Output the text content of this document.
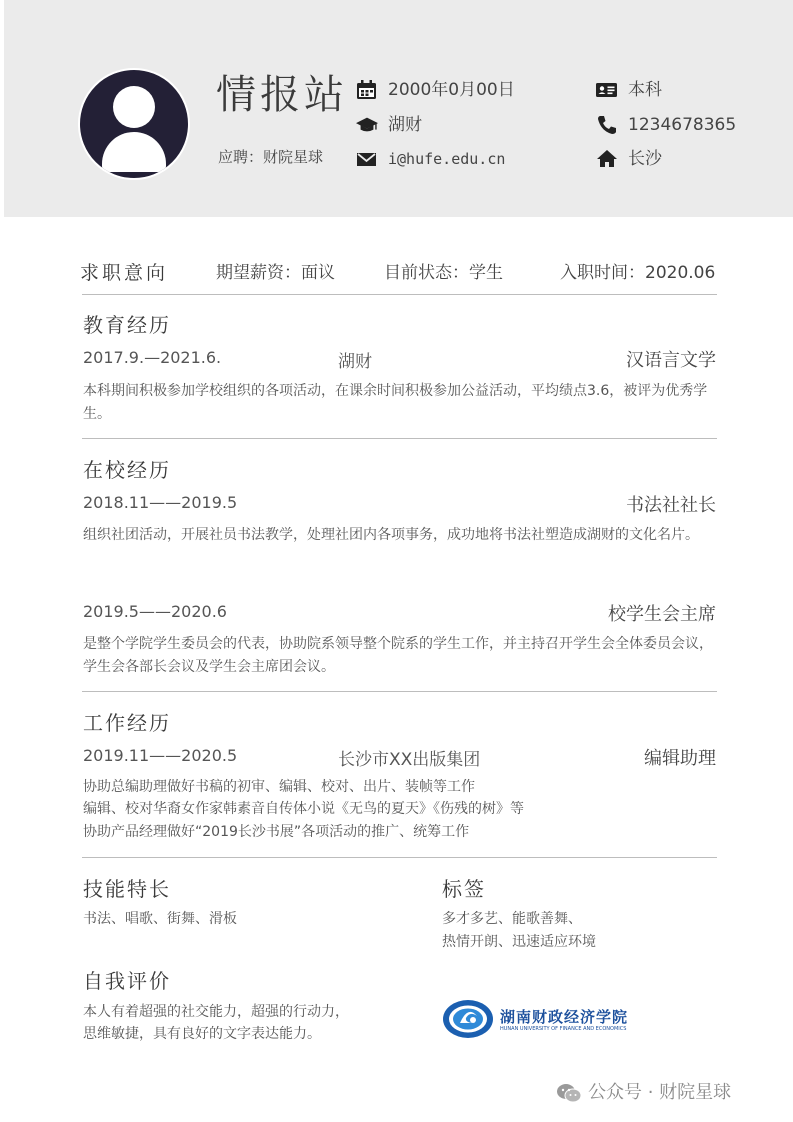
情报站
应聘：财院星球
2000年0月00日
湖财
i@hufe.edu.cn
本科
1234678365
长沙
求职意向	期望薪资：面议	目前状态：学生	入职时间：2020.06
教育经历
2017.9.—2021.6.	湖财	汉语言文学
本科期间积极参加学校组织的各项活动，在课余时间积极参加公益活动，平均绩点3.6，被评为优秀学生。
在校经历
2018.11——2019.5	书法社社长
组织社团活动，开展社员书法教学，处理社团内各项事务，成功地将书法社塑造成湖财的文化名片。
2019.5——2020.6	校学生会主席
是整个学院学生委员会的代表，协助院系领导整个院系的学生工作，并主持召开学生会全体委员会议，学生会各部长会议及学生会主席团会议。
工作经历
2019.11——2020.5	长沙市XX出版集团	编辑助理
协助总编助理做好书稿的初审、编辑、校对、出片、装帧等工作
编辑、校对华裔女作家韩素音自传体小说《无鸟的夏天》《伤残的树》等
协助产品经理做好“2019长沙书展”各项活动的推广、统筹工作
技能特长
书法、唱歌、街舞、滑板
标签
多才多艺、能歌善舞、
热情开朗、迅速适应环境
自我评价
本人有着超强的社交能力，超强的行动力，
思维敏捷，具有良好的文字表达能力。
湖南财政经济学院
HUNAN UNIVERSITY OF FINANCE AND ECONOMICS
公众号 · 财院星球
